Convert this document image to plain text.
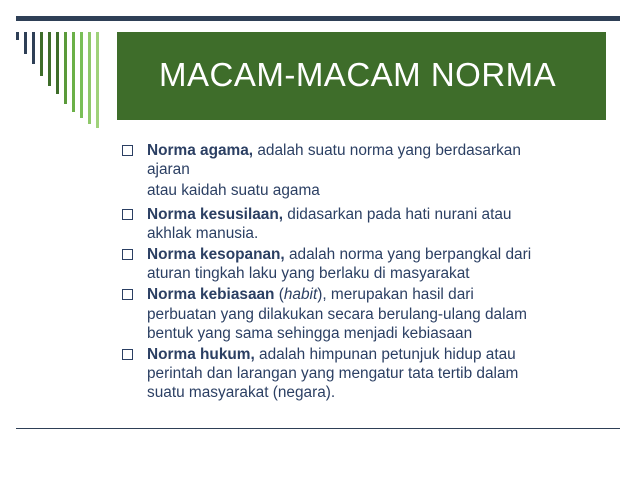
MACAM-MACAM NORMA
Norma agama, adalah suatu norma yang berdasarkan
ajaran
atau kaidah suatu agama
Norma kesusilaan, didasarkan pada hati nurani atau
akhlak manusia.
Norma kesopanan, adalah norma yang berpangkal dari
aturan tingkah laku yang berlaku di masyarakat
Norma kebiasaan (habit), merupakan hasil dari
perbuatan yang dilakukan secara berulang-ulang dalam
bentuk yang sama sehingga menjadi kebiasaan
Norma hukum, adalah himpunan petunjuk hidup atau
perintah dan larangan yang mengatur tata tertib dalam
suatu masyarakat (negara).
